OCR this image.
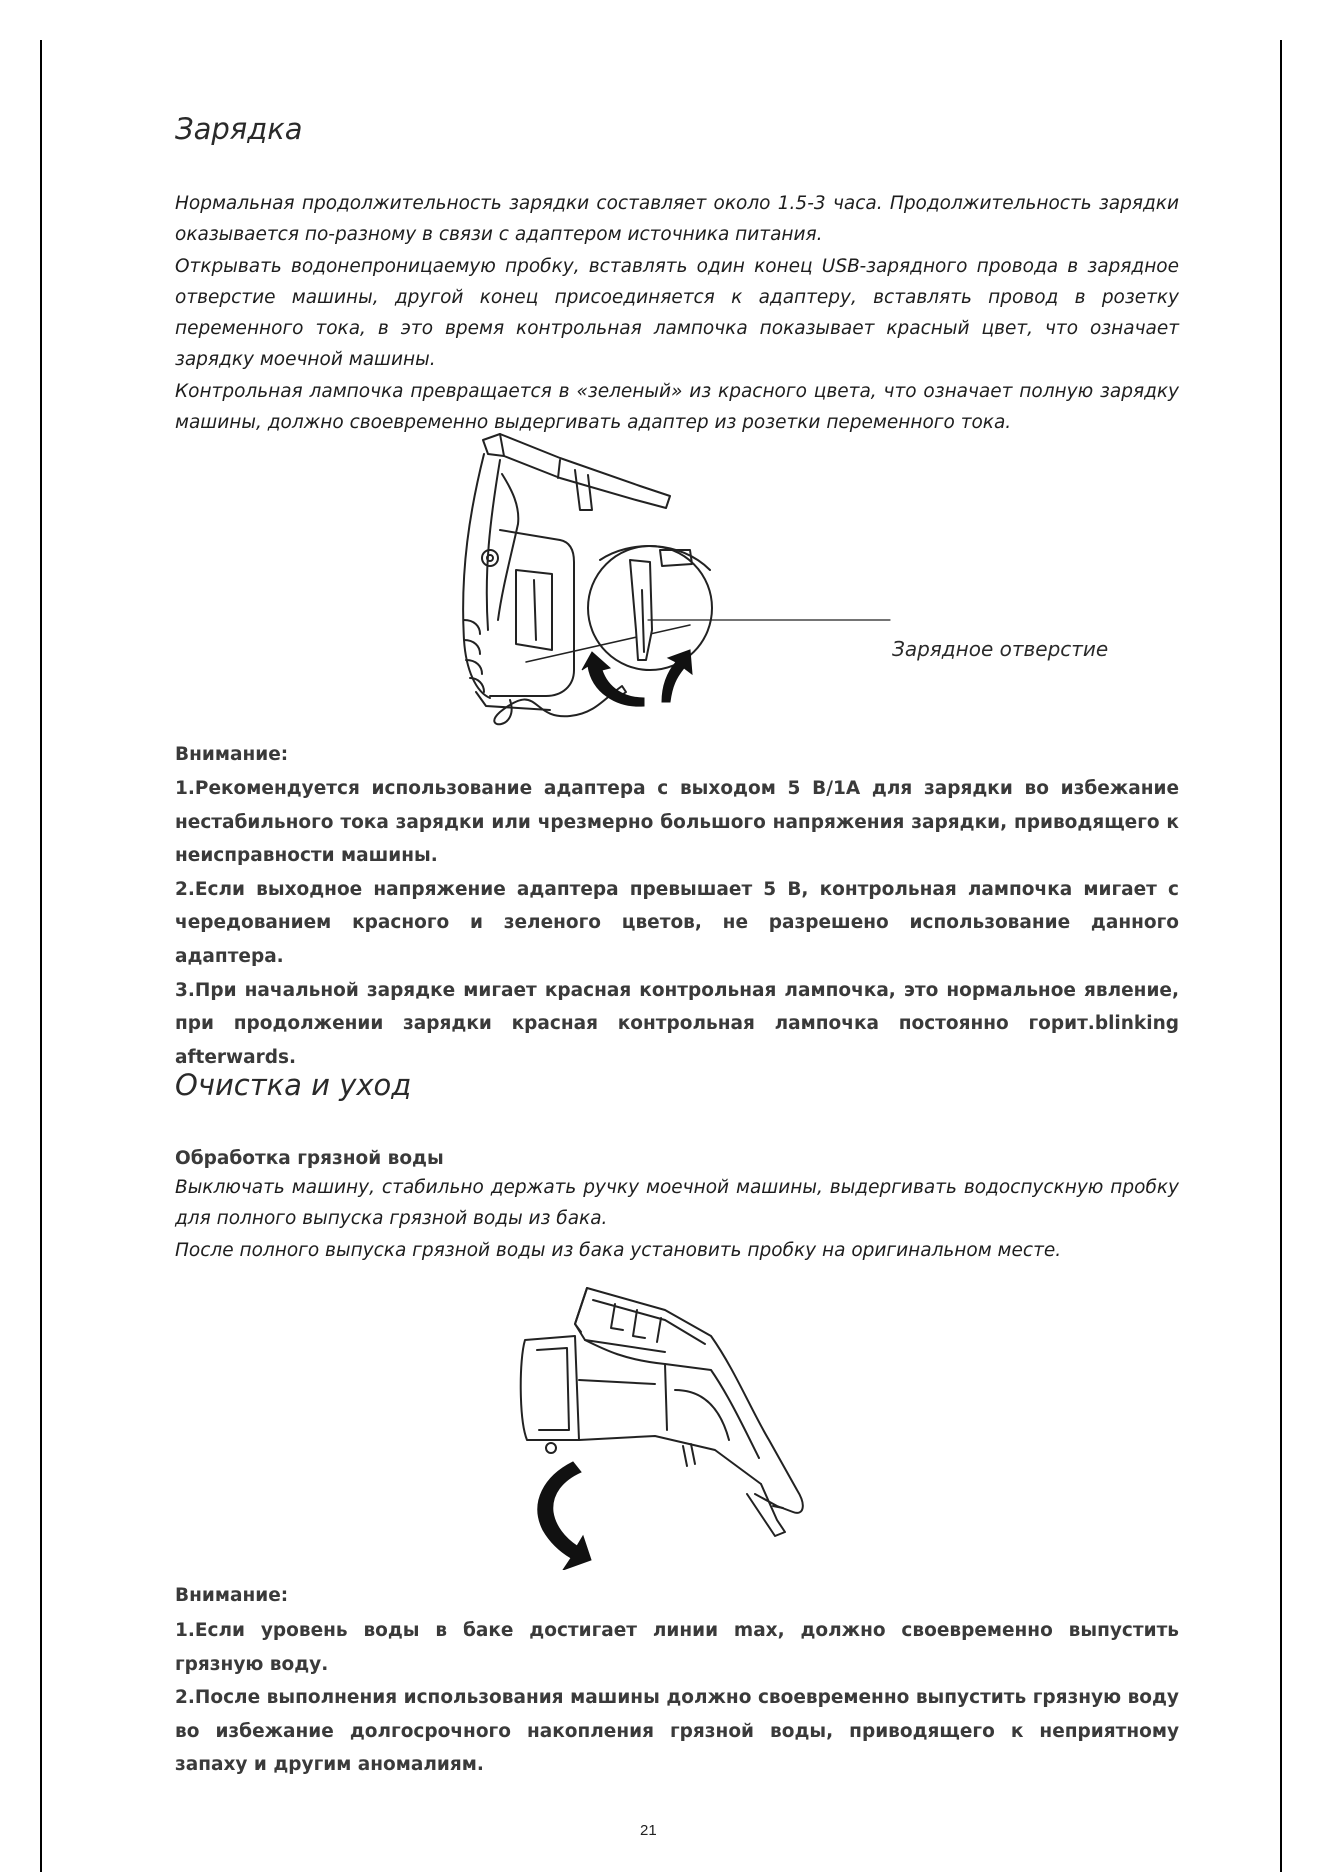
Зарядка

Нормальная продолжительность зарядки составляет около 1.5-3 часа. Продолжительность зарядки оказывается по-разному в связи с адаптером источника питания.

Открывать водонепроницаемую пробку, вставлять один конец USB-зарядного провода в зарядное отверстие машины, другой конец присоединяется к адаптеру, вставлять провод в розетку переменного тока, в это время контрольная лампочка показывает красный цвет, что означает зарядку моечной машины.

Контрольная лампочка превращается в «зеленый» из красного цвета, что означает полную зарядку машины, должно своевременно выдергивать адаптер из розетки переменного тока.

Зарядное отверстие
Внимание:

1.Рекомендуется использование адаптера с выходом 5 В/1А для зарядки во избежание нестабильного тока зарядки или чрезмерно большого напряжения зарядки, приводящего к неисправности машины.

2.Если выходное напряжение адаптера превышает 5 В, контрольная лампочка мигает с чередованием красного и зеленого цветов, не разрешено использование данного адаптера.

3.При начальной зарядке мигает красная контрольная лампочка, это нормальное явление, при продолжении зарядки красная контрольная лампочка постоянно горит.blinking afterwards.

Очистка и уход
Обработка грязной воды

Выключать машину, стабильно держать ручку моечной машины, выдергивать водоспускную пробку для полного выпуска грязной воды из бака.

После полного выпуска грязной воды из бака установить пробку на оригинальном месте.

Внимание:

1.Если уровень воды в баке достигает линии max, должно своевременно выпустить грязную воду.

2.После выполнения использования машины должно своевременно выпустить грязную воду во избежание долгосрочного накопления грязной воды, приводящего к неприятному запаху и другим аномалиям.

21
